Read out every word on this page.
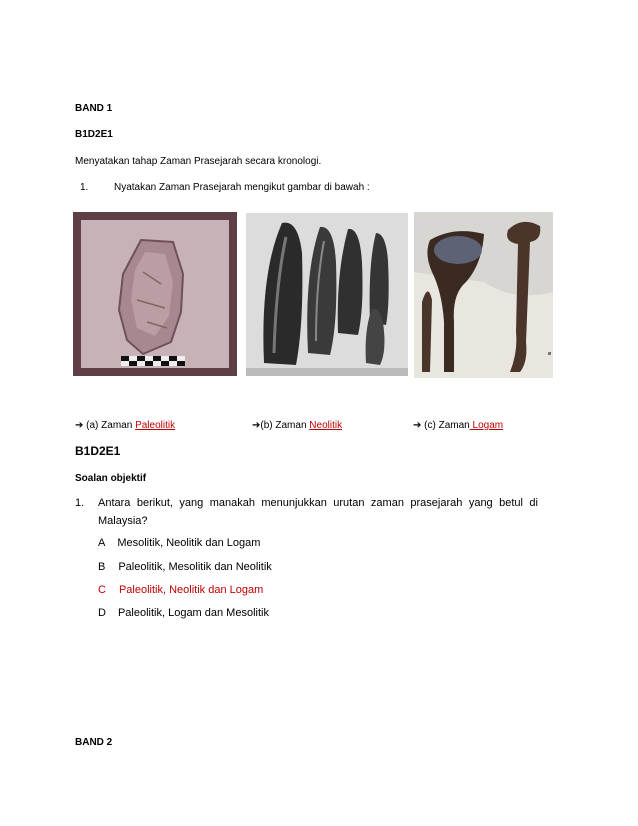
BAND 1
B1D2E1
Menyatakan tahap Zaman Prasejarah secara kronologi.
1.	Nyatakan Zaman Prasejarah mengikut gambar di bawah :
➔ (a) Zaman Paleolitik	➔(b) Zaman Neolitik	➔ (c) Zaman Logam
B1D2E1
Soalan objektif
1. Antara berikut, yang manakah menunjukkan urutan zaman prasejarah yang betul di
Malaysia?
A Mesolitik, Neolitik dan Logam
B Paleolitik, Mesolitik dan Neolitik
C Paleolitik, Neolitik dan Logam
D Paleolitik, Logam dan Mesolitik
BAND 2
